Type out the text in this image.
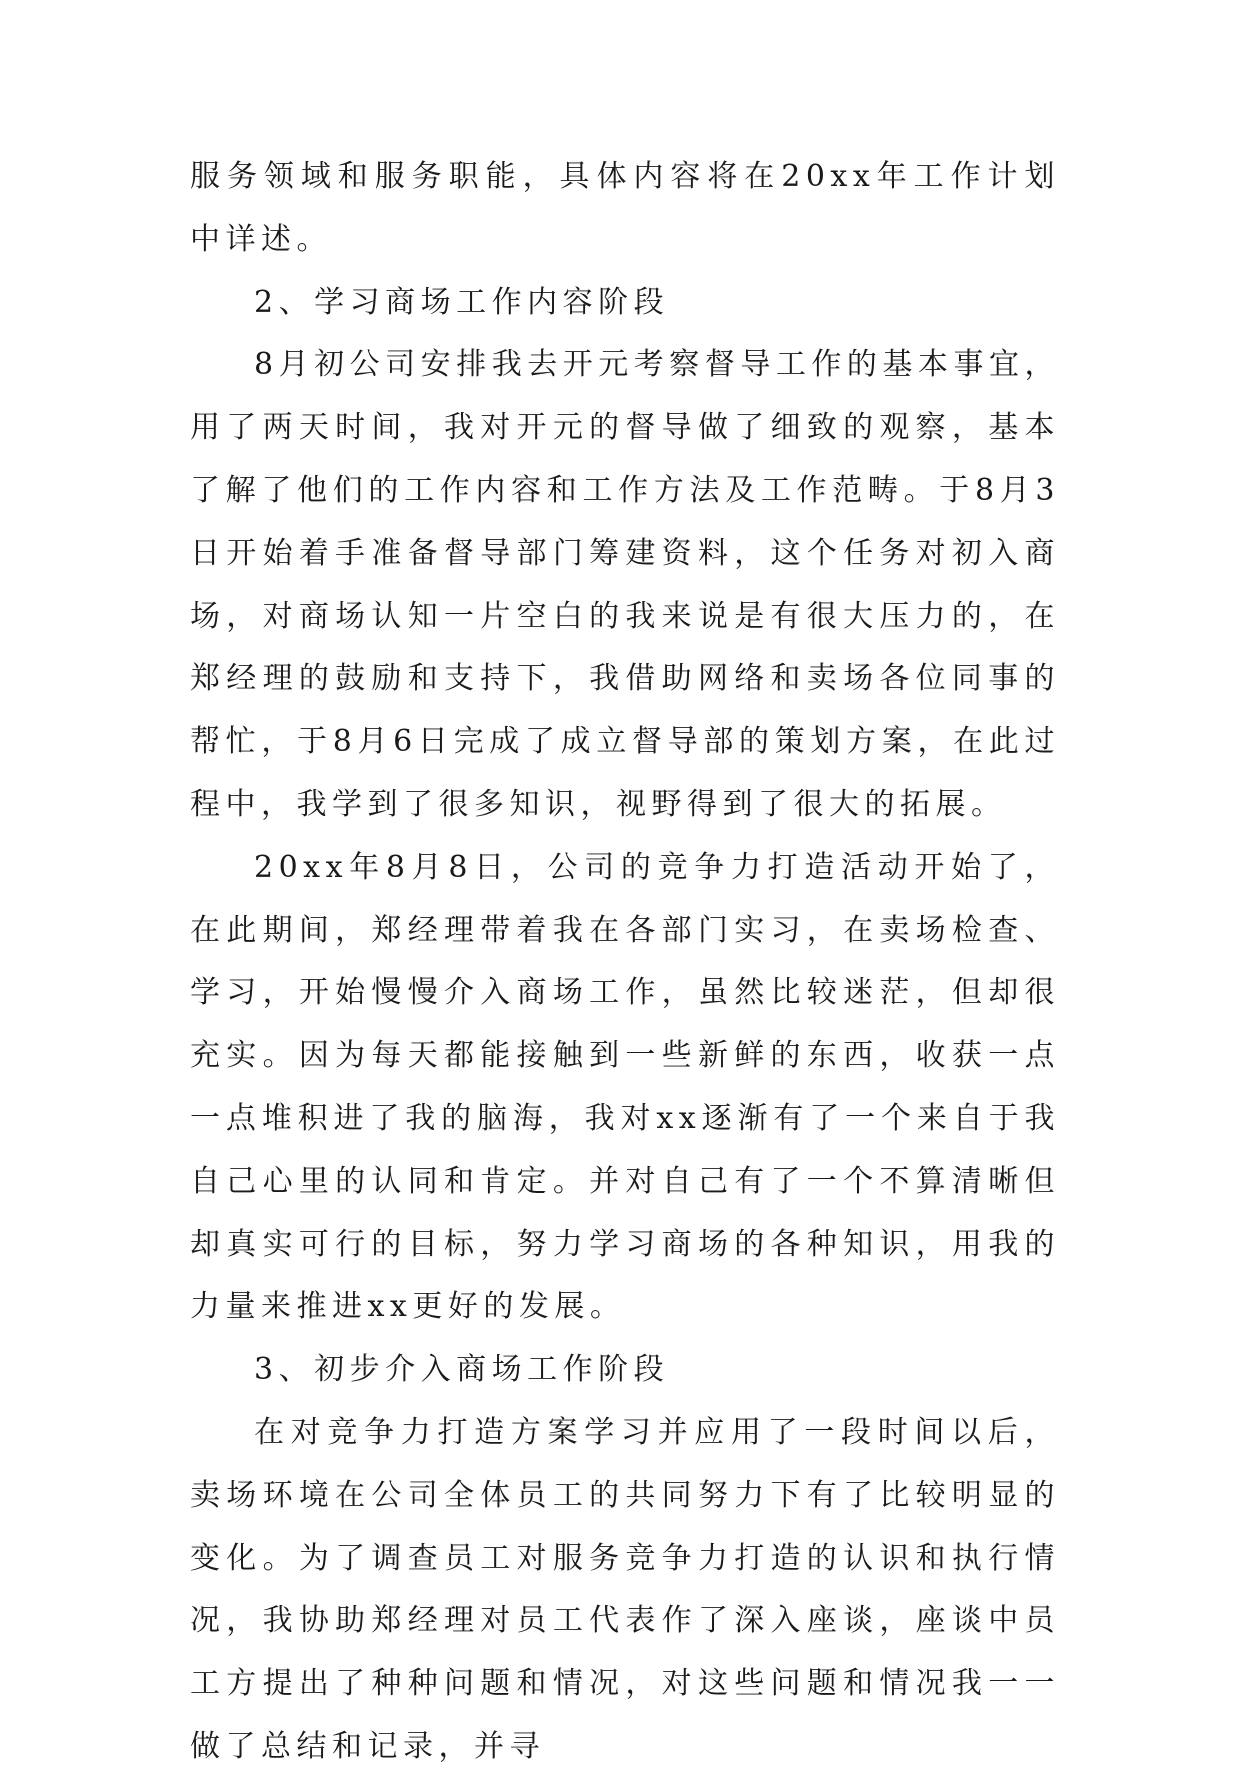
服务领域和服务职能，具体内容将在20xx年工作计划中详述。

2、学习商场工作内容阶段

8月初公司安排我去开元考察督导工作的基本事宜，用了两天时间，我对开元的督导做了细致的观察，基本了解了他们的工作内容和工作方法及工作范畴。于8月3日开始着手准备督导部门筹建资料，这个任务对初入商场，对商场认知一片空白的我来说是有很大压力的，在郑经理的鼓励和支持下，我借助网络和卖场各位同事的帮忙，于8月6日完成了成立督导部的策划方案，在此过程中，我学到了很多知识，视野得到了很大的拓展。

20xx年8月8日，公司的竞争力打造活动开始了，在此期间，郑经理带着我在各部门实习，在卖场检查、学习，开始慢慢介入商场工作，虽然比较迷茫，但却很充实。因为每天都能接触到一些新鲜的东西，收获一点一点堆积进了我的脑海，我对xx逐渐有了一个来自于我自己心里的认同和肯定。并对自己有了一个不算清晰但却真实可行的目标，努力学习商场的各种知识，用我的力量来推进xx更好的发展。

3、初步介入商场工作阶段

在对竞争力打造方案学习并应用了一段时间以后，卖场环境在公司全体员工的共同努力下有了比较明显的变化。为了调查员工对服务竞争力打造的认识和执行情况，我协助郑经理对员工代表作了深入座谈，座谈中员工方提出了种种问题和情况，对这些问题和情况我一一做了总结和记录，并寻
